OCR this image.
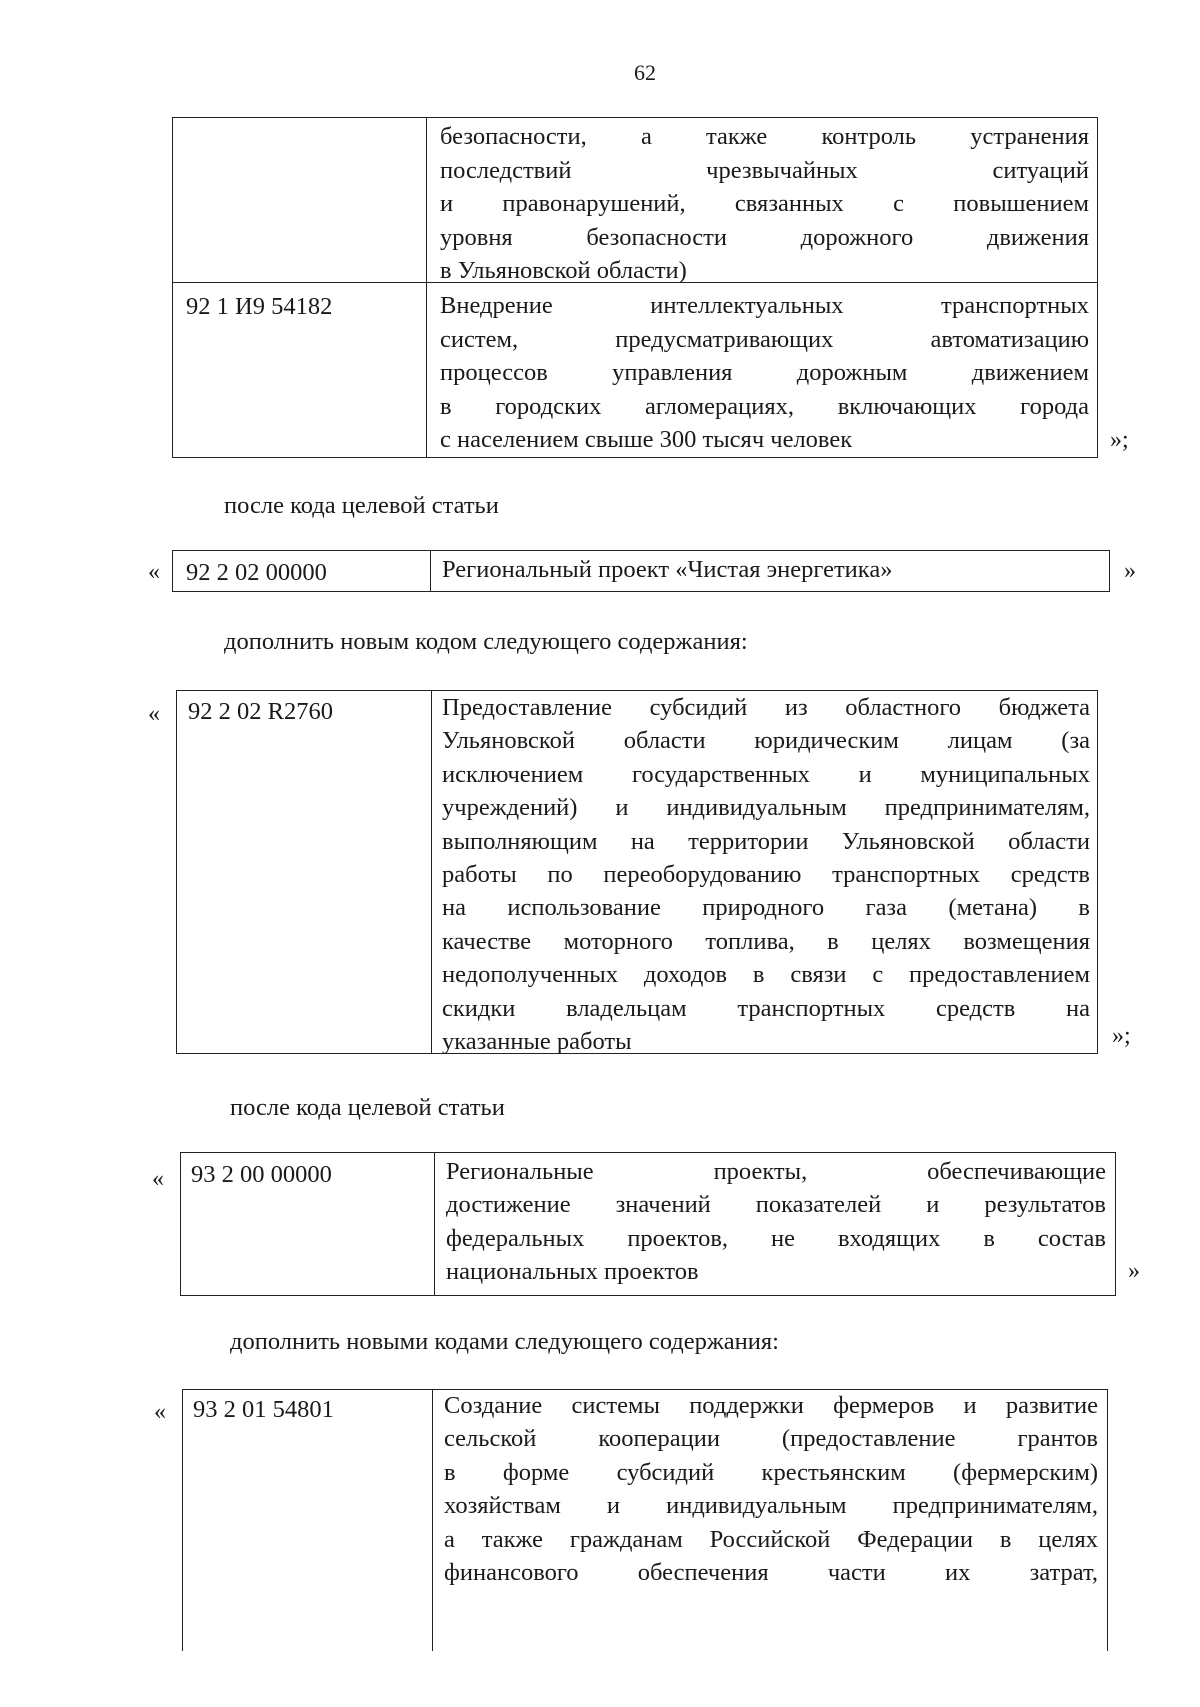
62
безопасности, а также контроль устранения
последствий чрезвычайных ситуаций
и правонарушений, связанных с повышением
уровня безопасности дорожного движения
в Ульяновской области)
92 1 И9 54182	Внедрение интеллектуальных транспортных
систем, предусматривающих автоматизацию
процессов управления дорожным движением
в городских агломерациях, включающих города
с населением свыше 300 тысяч человек	»;
после кода целевой статьи
« 92 2 02 00000	Региональный проект «Чистая энергетика»	»
дополнить новым кодом следующего содержания:
« 92 2 02 R2760	Предоставление субсидий из областного бюджета
Ульяновской области юридическим лицам (за
исключением государственных и муниципальных
учреждений) и индивидуальным предпринимателям,
выполняющим на территории Ульяновской области
работы по переоборудованию транспортных средств
на использование природного газа (метана) в
качестве моторного топлива, в целях возмещения
недополученных доходов в связи с предоставлением
скидки владельцам транспортных средств на
указанные работы	»;
после кода целевой статьи
« 93 2 00 00000	Региональные проекты, обеспечивающие
достижение значений показателей и результатов
федеральных проектов, не входящих в состав
национальных проектов	»
дополнить новыми кодами следующего содержания:
« 93 2 01 54801	Создание системы поддержки фермеров и развитие
сельской кооперации (предоставление грантов
в форме субсидий крестьянским (фермерским)
хозяйствам и индивидуальным предпринимателям,
а также гражданам Российской Федерации в целях
финансового обеспечения части их затрат,
